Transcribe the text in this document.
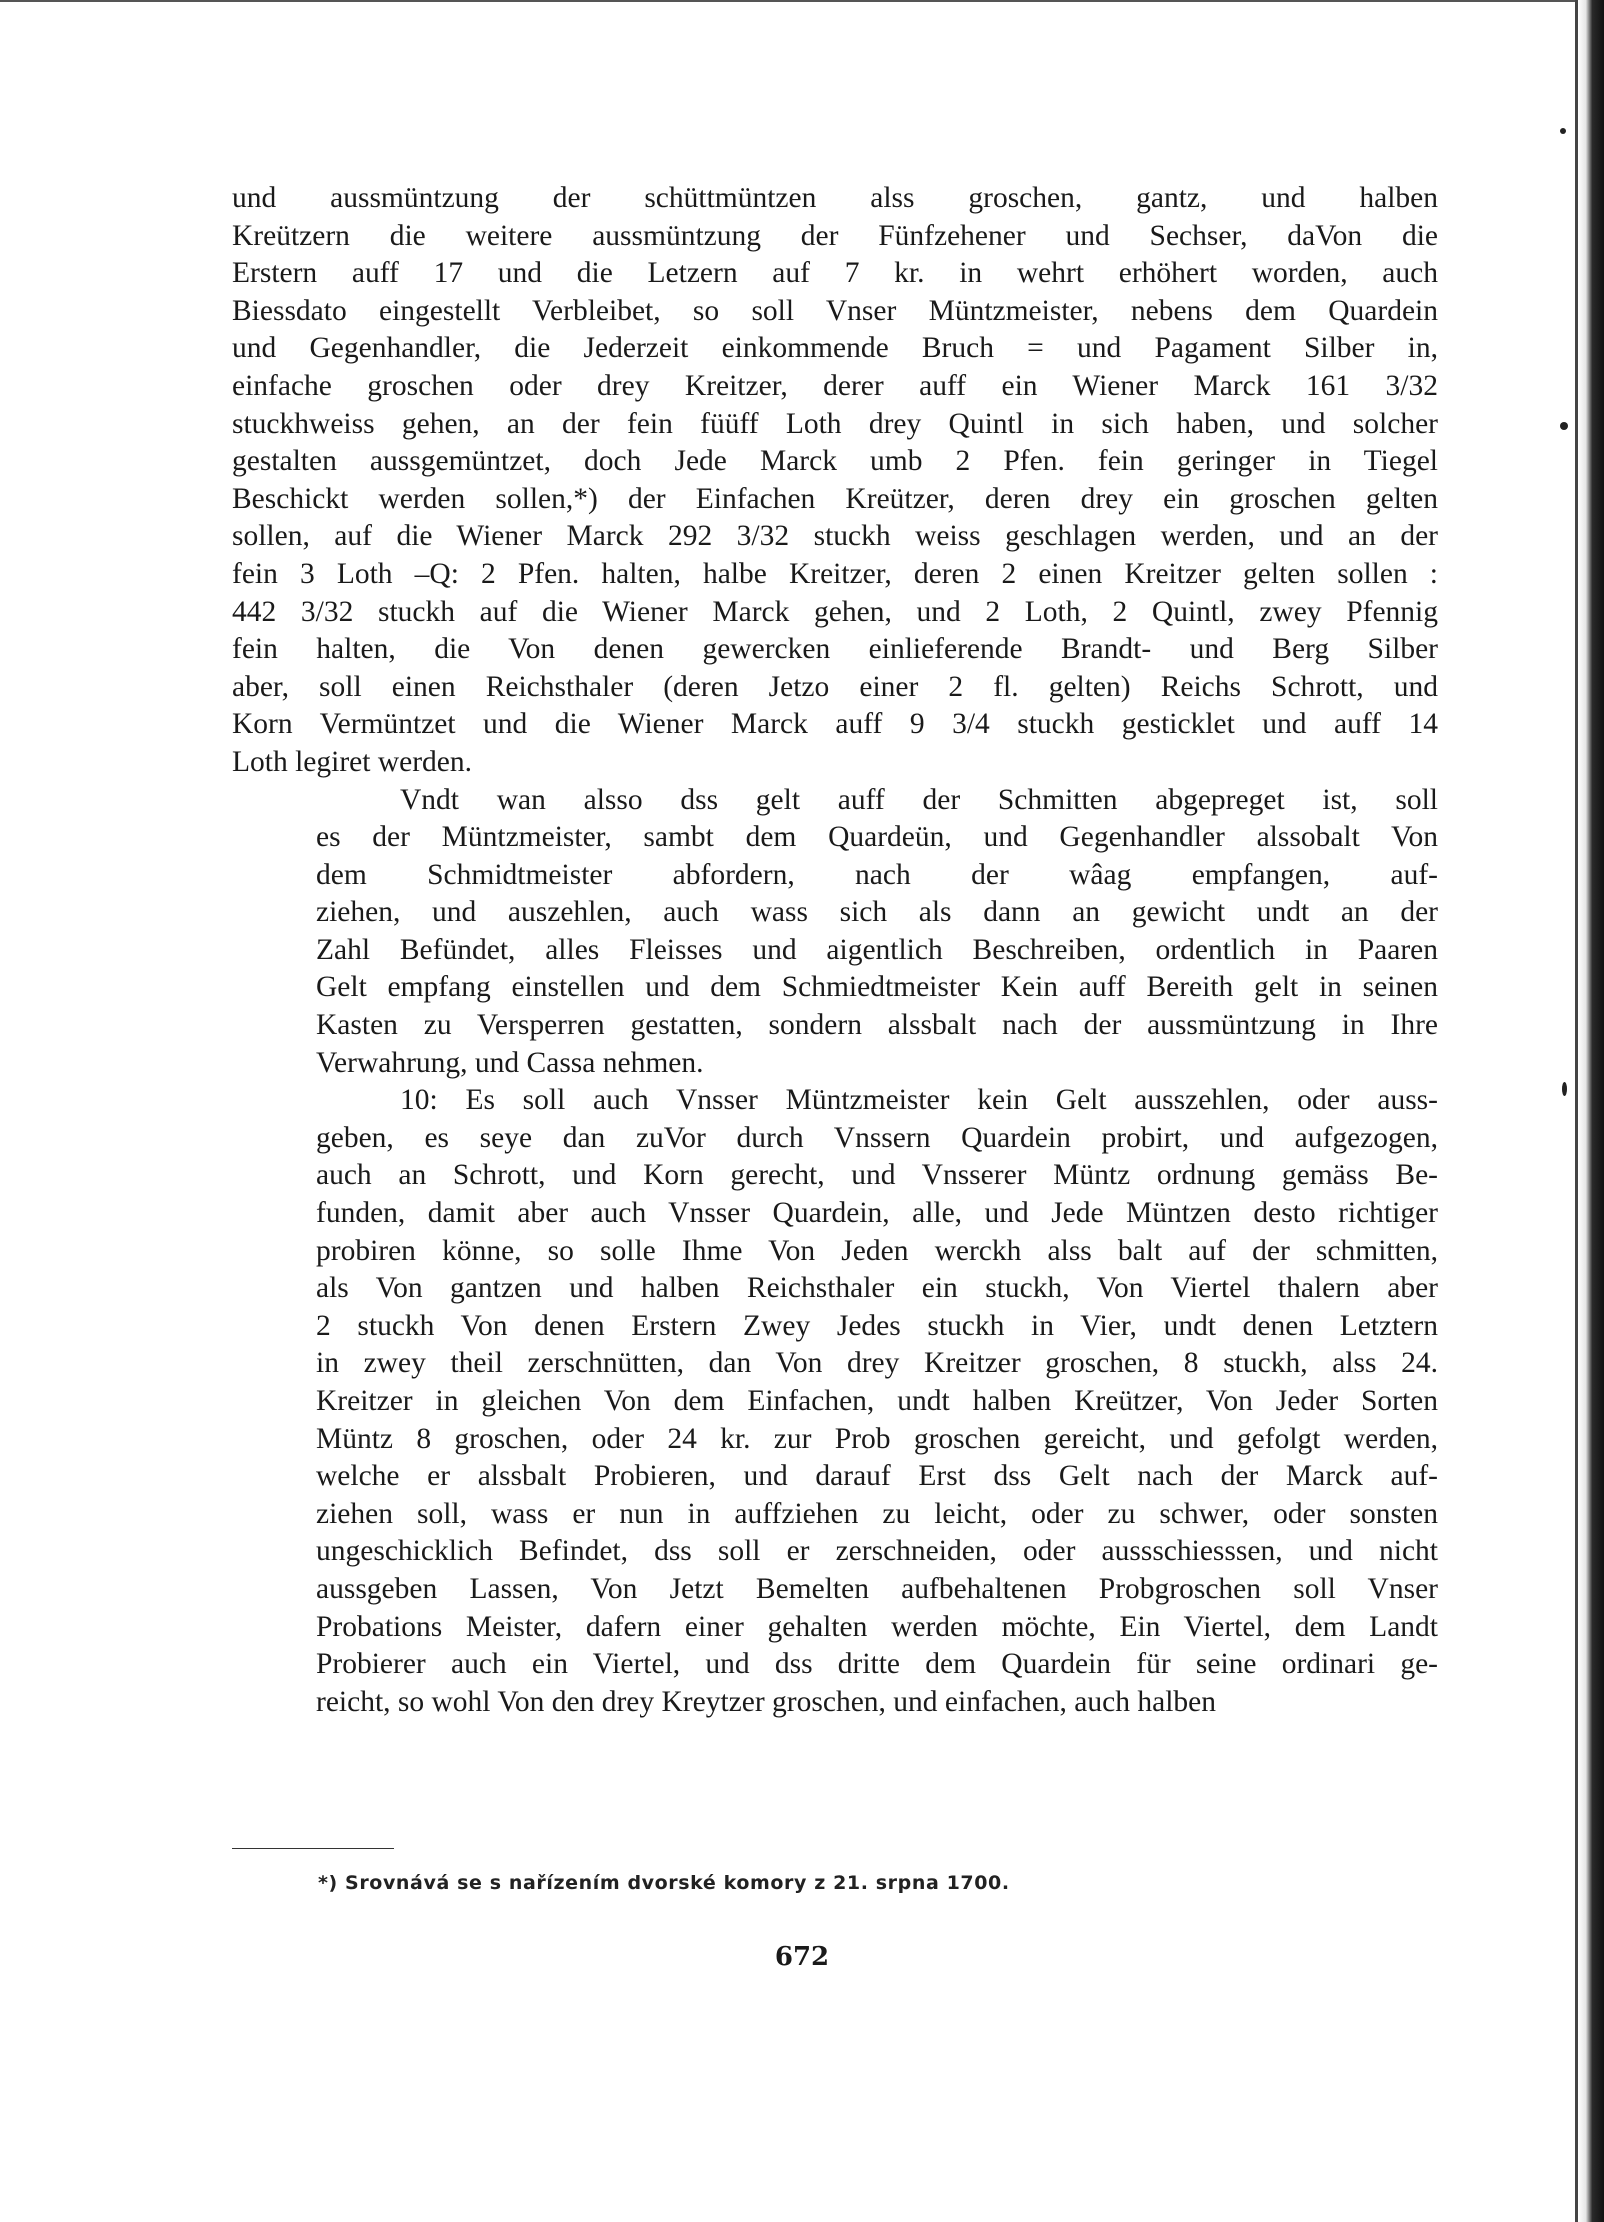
und aussmüntzung der schüttmüntzen alss groschen, gantz, und halben
Kreützern die weitere aussmüntzung der Fünfzehener und Sechser, daVon die
Erstern auff 17 und die Letzern auf 7 kr. in wehrt erhöhert worden, auch
Biessdato eingestellt Verbleibet, so soll Vnser Müntzmeister, nebens dem Quardein
und Gegenhandler, die Jederzeit einkommende Bruch = und Pagament Silber in,
einfache groschen oder drey Kreitzer, derer auff ein Wiener Marck 161 3/32
stuckhweiss gehen, an der fein füüff Loth drey Quintl in sich haben, und solcher
gestalten aussgemüntzet, doch Jede Marck umb 2 Pfen. fein geringer in Tiegel
Beschickt werden sollen,*) der Einfachen Kreützer, deren drey ein groschen gelten
sollen, auf die Wiener Marck 292 3/32 stuckh weiss geschlagen werden, und an der
fein 3 Loth –Q: 2 Pfen. halten, halbe Kreitzer, deren 2 einen Kreitzer gelten sollen :
442 3/32 stuckh auf die Wiener Marck gehen, und 2 Loth, 2 Quintl, zwey Pfennig
fein halten, die Von denen gewercken einlieferende Brandt- und Berg Silber
aber, soll einen Reichsthaler (deren Jetzo einer 2 fl. gelten) Reichs Schrott, und
Korn Vermüntzet und die Wiener Marck auff 9 3/4 stuckh gesticklet und auff 14
Loth legiret werden.
Vndt wan alsso dss gelt auff der Schmitten abgepreget ist, soll
es der Müntzmeister, sambt dem Quardeün, und Gegenhandler alssobalt Von
dem Schmidtmeister abfordern, nach der wâag empfangen, auf-
ziehen, und auszehlen, auch wass sich als dann an gewicht undt an der
Zahl Befündet, alles Fleisses und aigentlich Beschreiben, ordentlich in Paaren
Gelt empfang einstellen und dem Schmiedtmeister Kein auff Bereith gelt in seinen
Kasten zu Versperren gestatten, sondern alssbalt nach der aussmüntzung in Ihre
Verwahrung, und Cassa nehmen.
10: Es soll auch Vnsser Müntzmeister kein Gelt ausszehlen, oder auss-
geben, es seye dan zuVor durch Vnssern Quardein probirt, und aufgezogen,
auch an Schrott, und Korn gerecht, und Vnsserer Müntz ordnung gemäss Be-
funden, damit aber auch Vnsser Quardein, alle, und Jede Müntzen desto richtiger
probiren könne, so solle Ihme Von Jeden werckh alss balt auf der schmitten,
als Von gantzen und halben Reichsthaler ein stuckh, Von Viertel thalern aber
2 stuckh Von denen Erstern Zwey Jedes stuckh in Vier, undt denen Letztern
in zwey theil zerschnütten, dan Von drey Kreitzer groschen, 8 stuckh, alss 24.
Kreitzer in gleichen Von dem Einfachen, undt halben Kreützer, Von Jeder Sorten
Müntz 8 groschen, oder 24 kr. zur Prob groschen gereicht, und gefolgt werden,
welche er alssbalt Probieren, und darauf Erst dss Gelt nach der Marck auf-
ziehen soll, wass er nun in auffziehen zu leicht, oder zu schwer, oder sonsten
ungeschicklich Befindet, dss soll er zerschneiden, oder aussschiesssen, und nicht
aussgeben Lassen, Von Jetzt Bemelten aufbehaltenen Probgroschen soll Vnser
Probations Meister, dafern einer gehalten werden möchte, Ein Viertel, dem Landt
Probierer auch ein Viertel, und dss dritte dem Quardein für seine ordinari ge-
reicht, so wohl Von den drey Kreytzer groschen, und einfachen, auch halben
*) Srovnává se s nařízením dvorské komory z 21. srpna 1700.
672
